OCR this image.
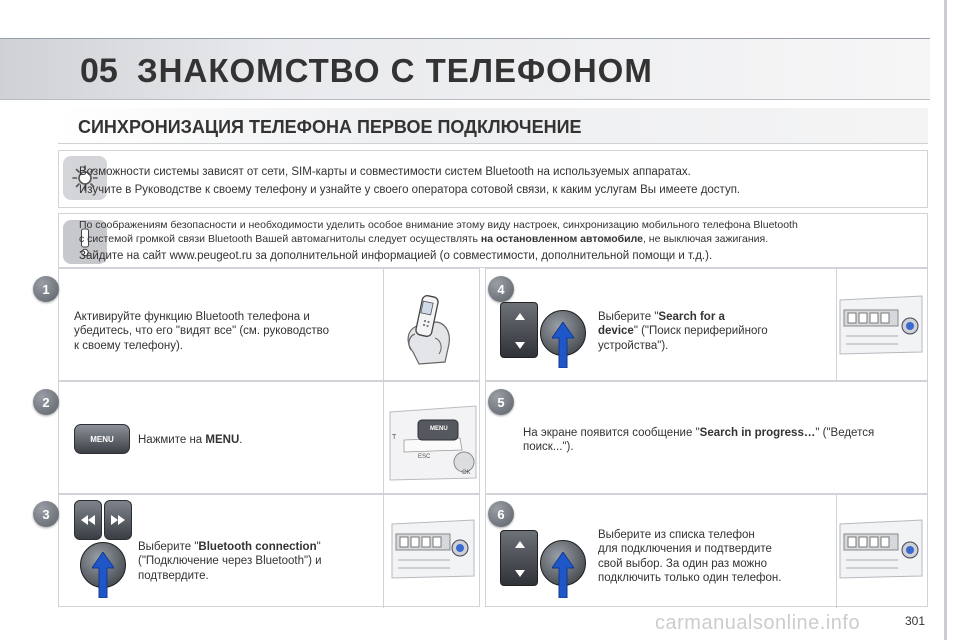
05 ЗНАКОМСТВО С ТЕЛЕФОНОМ
СИНХРОНИЗАЦИЯ ТЕЛЕФОНА ПЕРВОЕ ПОДКЛЮЧЕНИЕ
Возможности системы зависят от сети, SIM-карты и совместимости систем Bluetooth на используемых аппаратах.
Изучите в Руководстве к своему телефону и узнайте у своего оператора сотовой связи, к каким услугам Вы имеете доступ.
По соображениям безопасности и необходимости уделить особое внимание этому виду настроек, синхронизацию мобильного телефона Bluetooth
с системой громкой связи Bluetooth Вашей автомагнитолы следует осуществлять на остановленном автомобиле, не выключая зажигания.
Зайдите на сайт www.peugeot.ru за дополнительной информацией (о совместимости, дополнительной помощи и т.д.).
1
2
3
4
5
6
Активируйте функцию Bluetooth телефона и
убедитесь, что его "видят все" (см. руководство
к своему телефону).
MENU	Нажмите на MENU.
MENU
ESC
OK
T
Выберите "Bluetooth connection"
("Подключение через Bluetooth") и
подтвердите.
Выберите "Search for a
device" ("Поиск периферийного
устройства").
На экране появится сообщение "Search in progress…" ("Ведется
поиск...").
Выберите из списка телефон
для подключения и подтвердите
свой выбор. За один раз можно
подключить только один телефон.
carmanualsonline.info	301
